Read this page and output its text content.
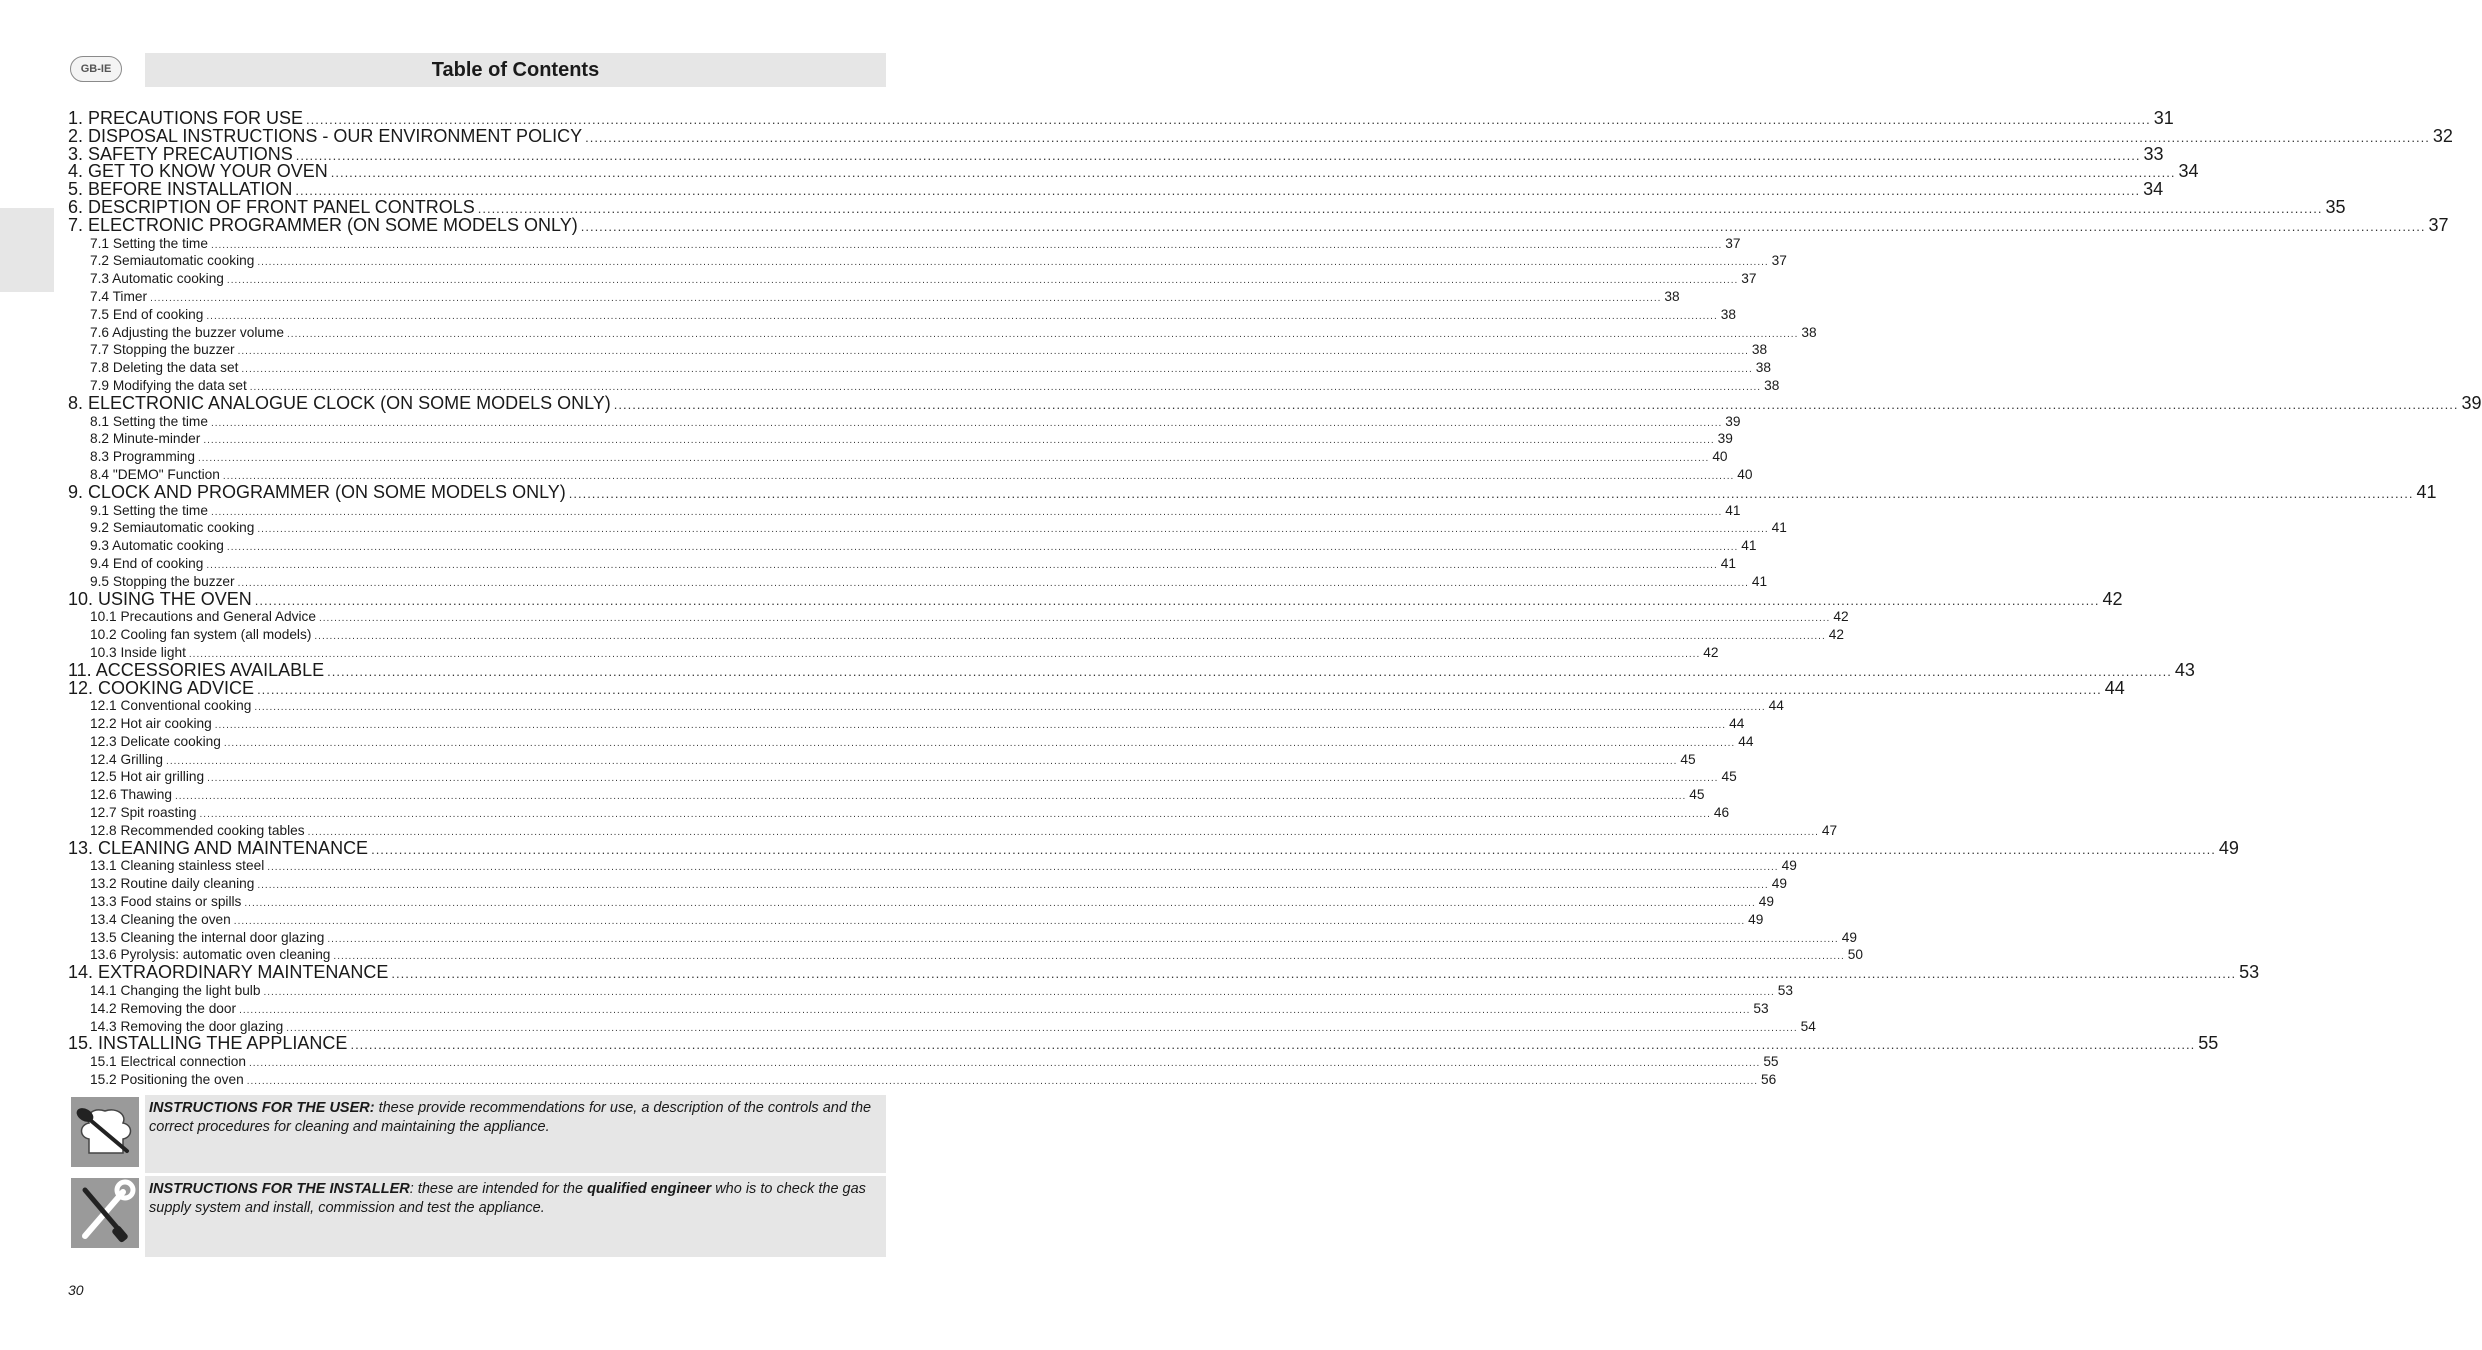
GB-IE	Table of Contents
1. PRECAUTIONS FOR USE ................................................................................................................................................................................................................................................................................................................................................................................................................ 31
2. DISPOSAL INSTRUCTIONS - OUR ENVIRONMENT POLICY ................................................................................................................................................................................................................................................................................................................................................................................................................ 32
3. SAFETY PRECAUTIONS ................................................................................................................................................................................................................................................................................................................................................................................................................ 33
4. GET TO KNOW YOUR OVEN ................................................................................................................................................................................................................................................................................................................................................................................................................ 34
5. BEFORE INSTALLATION ................................................................................................................................................................................................................................................................................................................................................................................................................ 34
6. DESCRIPTION OF FRONT PANEL CONTROLS ................................................................................................................................................................................................................................................................................................................................................................................................................ 35
7. ELECTRONIC PROGRAMMER (ON SOME MODELS ONLY) ................................................................................................................................................................................................................................................................................................................................................................................................................ 37
7.1 Setting the time ................................................................................................................................................................................................................................................................................................................................................................................................................ 37
7.2 Semiautomatic cooking ................................................................................................................................................................................................................................................................................................................................................................................................................ 37
7.3 Automatic cooking ................................................................................................................................................................................................................................................................................................................................................................................................................ 37
7.4 Timer ................................................................................................................................................................................................................................................................................................................................................................................................................ 38
7.5 End of cooking ................................................................................................................................................................................................................................................................................................................................................................................................................ 38
7.6 Adjusting the buzzer volume ................................................................................................................................................................................................................................................................................................................................................................................................................ 38
7.7 Stopping the buzzer ................................................................................................................................................................................................................................................................................................................................................................................................................ 38
7.8 Deleting the data set ................................................................................................................................................................................................................................................................................................................................................................................................................ 38
7.9 Modifying the data set ................................................................................................................................................................................................................................................................................................................................................................................................................ 38
8. ELECTRONIC ANALOGUE CLOCK (ON SOME MODELS ONLY) ................................................................................................................................................................................................................................................................................................................................................................................................................ 39
8.1 Setting the time ................................................................................................................................................................................................................................................................................................................................................................................................................ 39
8.2 Minute-minder ................................................................................................................................................................................................................................................................................................................................................................................................................ 39
8.3 Programming ................................................................................................................................................................................................................................................................................................................................................................................................................ 40
8.4 "DEMO" Function ................................................................................................................................................................................................................................................................................................................................................................................................................ 40
9. CLOCK AND PROGRAMMER (ON SOME MODELS ONLY) ................................................................................................................................................................................................................................................................................................................................................................................................................ 41
9.1 Setting the time ................................................................................................................................................................................................................................................................................................................................................................................................................ 41
9.2 Semiautomatic cooking ................................................................................................................................................................................................................................................................................................................................................................................................................ 41
9.3 Automatic cooking ................................................................................................................................................................................................................................................................................................................................................................................................................ 41
9.4 End of cooking ................................................................................................................................................................................................................................................................................................................................................................................................................ 41
9.5 Stopping the buzzer ................................................................................................................................................................................................................................................................................................................................................................................................................ 41
10. USING THE OVEN ................................................................................................................................................................................................................................................................................................................................................................................................................ 42
10.1 Precautions and General Advice ................................................................................................................................................................................................................................................................................................................................................................................................................ 42
10.2 Cooling fan system (all models) ................................................................................................................................................................................................................................................................................................................................................................................................................ 42
10.3 Inside light ................................................................................................................................................................................................................................................................................................................................................................................................................ 42
11. ACCESSORIES AVAILABLE ................................................................................................................................................................................................................................................................................................................................................................................................................ 43
12. COOKING ADVICE ................................................................................................................................................................................................................................................................................................................................................................................................................ 44
12.1 Conventional cooking ................................................................................................................................................................................................................................................................................................................................................................................................................ 44
12.2 Hot air cooking ................................................................................................................................................................................................................................................................................................................................................................................................................ 44
12.3 Delicate cooking ................................................................................................................................................................................................................................................................................................................................................................................................................ 44
12.4 Grilling ................................................................................................................................................................................................................................................................................................................................................................................................................ 45
12.5 Hot air grilling ................................................................................................................................................................................................................................................................................................................................................................................................................ 45
12.6 Thawing ................................................................................................................................................................................................................................................................................................................................................................................................................ 45
12.7 Spit roasting ................................................................................................................................................................................................................................................................................................................................................................................................................ 46
12.8 Recommended cooking tables ................................................................................................................................................................................................................................................................................................................................................................................................................ 47
13. CLEANING AND MAINTENANCE ................................................................................................................................................................................................................................................................................................................................................................................................................ 49
13.1 Cleaning stainless steel ................................................................................................................................................................................................................................................................................................................................................................................................................ 49
13.2 Routine daily cleaning ................................................................................................................................................................................................................................................................................................................................................................................................................ 49
13.3 Food stains or spills ................................................................................................................................................................................................................................................................................................................................................................................................................ 49
13.4 Cleaning the oven ................................................................................................................................................................................................................................................................................................................................................................................................................ 49
13.5 Cleaning the internal door glazing ................................................................................................................................................................................................................................................................................................................................................................................................................ 49
13.6 Pyrolysis: automatic oven cleaning ................................................................................................................................................................................................................................................................................................................................................................................................................ 50
14. EXTRAORDINARY MAINTENANCE ................................................................................................................................................................................................................................................................................................................................................................................................................ 53
14.1 Changing the light bulb ................................................................................................................................................................................................................................................................................................................................................................................................................ 53
14.2 Removing the door ................................................................................................................................................................................................................................................................................................................................................................................................................ 53
14.3 Removing the door glazing ................................................................................................................................................................................................................................................................................................................................................................................................................ 54
15. INSTALLING THE APPLIANCE ................................................................................................................................................................................................................................................................................................................................................................................................................ 55
15.1 Electrical connection ................................................................................................................................................................................................................................................................................................................................................................................................................ 55
15.2 Positioning the oven ................................................................................................................................................................................................................................................................................................................................................................................................................ 56
INSTRUCTIONS FOR THE USER: these provide recommendations for use, a description of the controls and the correct procedures for cleaning and maintaining the appliance.
INSTRUCTIONS FOR THE INSTALLER: these are intended for the qualified engineer who is to check the gas supply system and install, commission and test the appliance.
30
